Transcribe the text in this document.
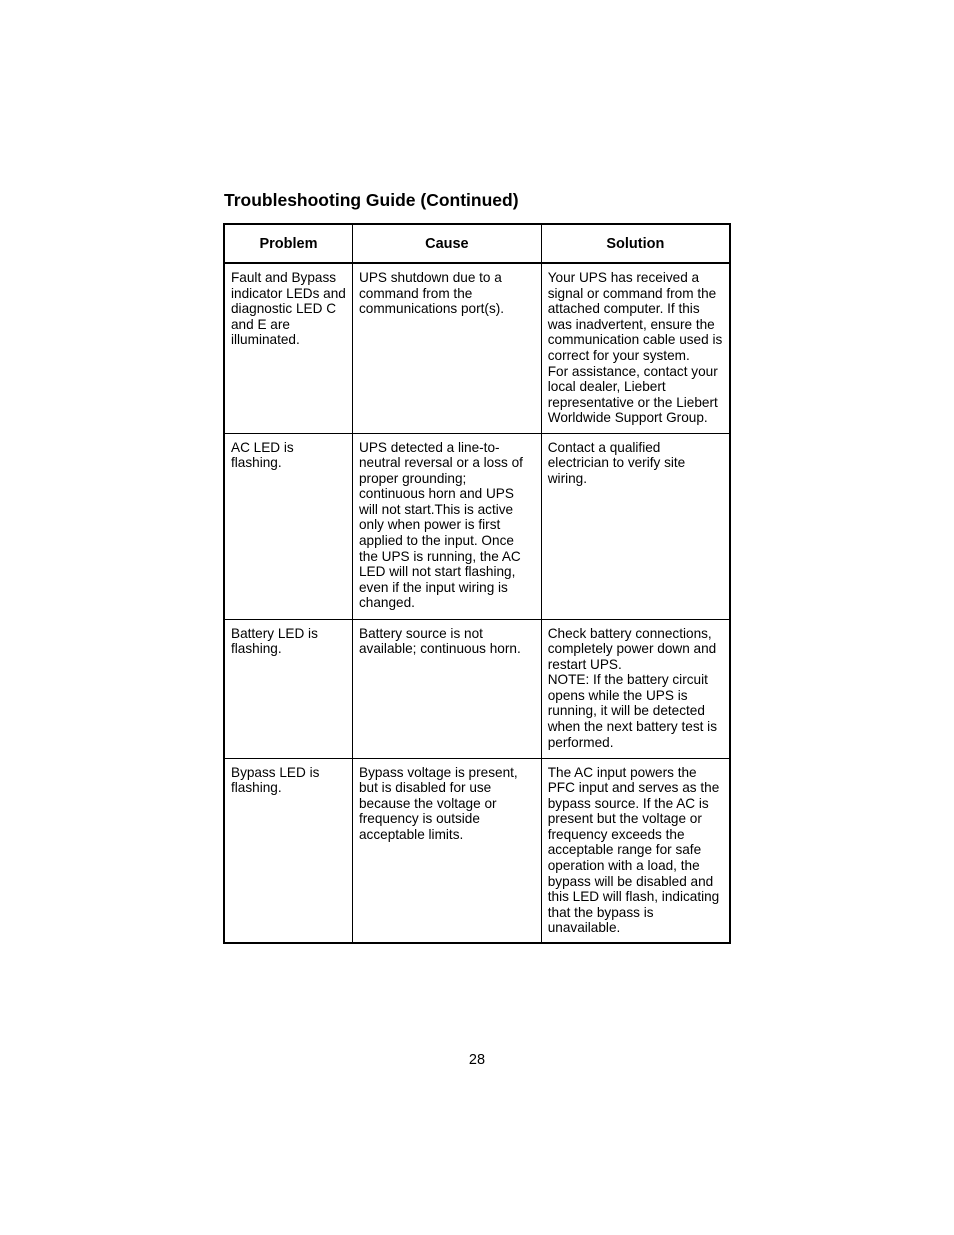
Troubleshooting Guide (Continued)
Problem	Cause	Solution
Fault and Bypass indicator LEDs and diagnostic LED C and E are illuminated.	UPS shutdown due to a command from the communications port(s).	Your UPS has received a signal or command from the attached computer. If this was inadvertent, ensure the communication cable used is correct for your system.
For assistance, contact your local dealer, Liebert representative or the Liebert Worldwide Support Group.

AC LED is flashing.	UPS detected a line-to-neutral reversal or a loss of proper grounding; continuous horn and UPS will not start.This is active only when power is first applied to the input. Once the UPS is running, the AC LED will not start flashing, even if the input wiring is changed.	Contact a qualified electrician to verify site wiring.

Battery LED is flashing.	Battery source is not available; continuous horn.	Check battery connections, completely power down and restart UPS.
NOTE: If the battery circuit opens while the UPS is running, it will be detected when the next battery test is performed.

Bypass LED is flashing.	Bypass voltage is present, but is disabled for use because the voltage or frequency is outside acceptable limits.	The AC input powers the PFC input and serves as the bypass source. If the AC is present but the voltage or frequency exceeds the acceptable range for safe operation with a load, the bypass will be disabled and this LED will flash, indicating that the bypass is unavailable.
28
